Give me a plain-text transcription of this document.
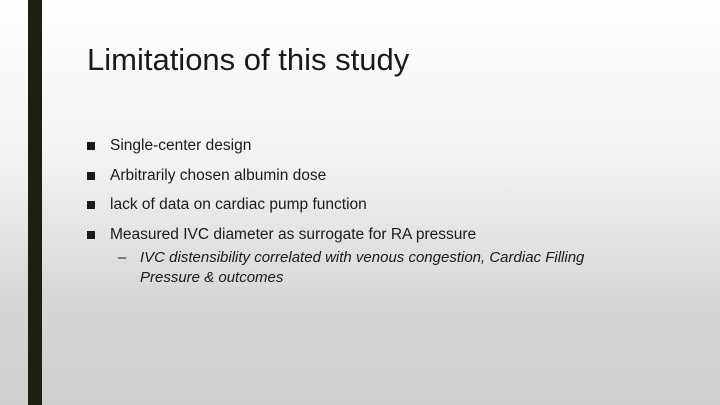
Limitations of this study
Single-center design
Arbitrarily chosen albumin dose
lack of data on cardiac pump function
Measured IVC diameter as surrogate for RA pressure
– IVC distensibility correlated with venous congestion, Cardiac Filling Pressure & outcomes
